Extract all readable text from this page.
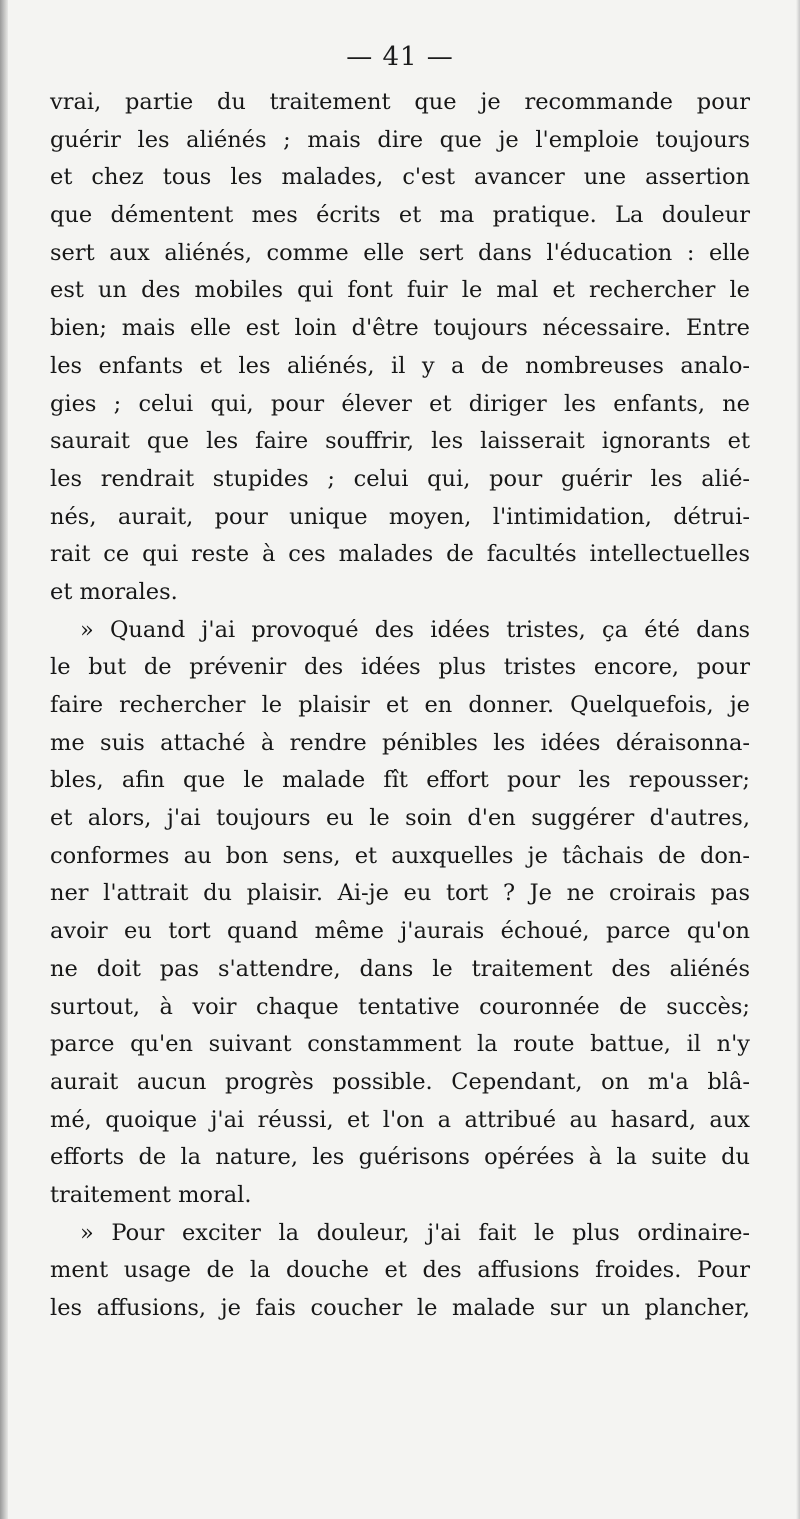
— 41 —
vrai, partie du traitement que je recommande pour
guérir les aliénés ; mais dire que je l'emploie toujours
et chez tous les malades, c'est avancer une assertion
que démentent mes écrits et ma pratique. La douleur
sert aux aliénés, comme elle sert dans l'éducation : elle
est un des mobiles qui font fuir le mal et rechercher le
bien; mais elle est loin d'être toujours nécessaire. Entre
les enfants et les aliénés, il y a de nombreuses analo-
gies ; celui qui, pour élever et diriger les enfants, ne
saurait que les faire souffrir, les laisserait ignorants et
les rendrait stupides ; celui qui, pour guérir les alié-
nés, aurait, pour unique moyen, l'intimidation, détrui-
rait ce qui reste à ces malades de facultés intellectuelles
et morales.
» Quand j'ai provoqué des idées tristes, ça été dans
le but de prévenir des idées plus tristes encore, pour
faire rechercher le plaisir et en donner. Quelquefois, je
me suis attaché à rendre pénibles les idées déraisonna-
bles, afin que le malade fît effort pour les repousser;
et alors, j'ai toujours eu le soin d'en suggérer d'autres,
conformes au bon sens, et auxquelles je tâchais de don-
ner l'attrait du plaisir. Ai-je eu tort ? Je ne croirais pas
avoir eu tort quand même j'aurais échoué, parce qu'on
ne doit pas s'attendre, dans le traitement des aliénés
surtout, à voir chaque tentative couronnée de succès;
parce qu'en suivant constamment la route battue, il n'y
aurait aucun progrès possible. Cependant, on m'a blâ-
mé, quoique j'ai réussi, et l'on a attribué au hasard, aux
efforts de la nature, les guérisons opérées à la suite du
traitement moral.
» Pour exciter la douleur, j'ai fait le plus ordinaire-
ment usage de la douche et des affusions froides. Pour
les affusions, je fais coucher le malade sur un plancher,
